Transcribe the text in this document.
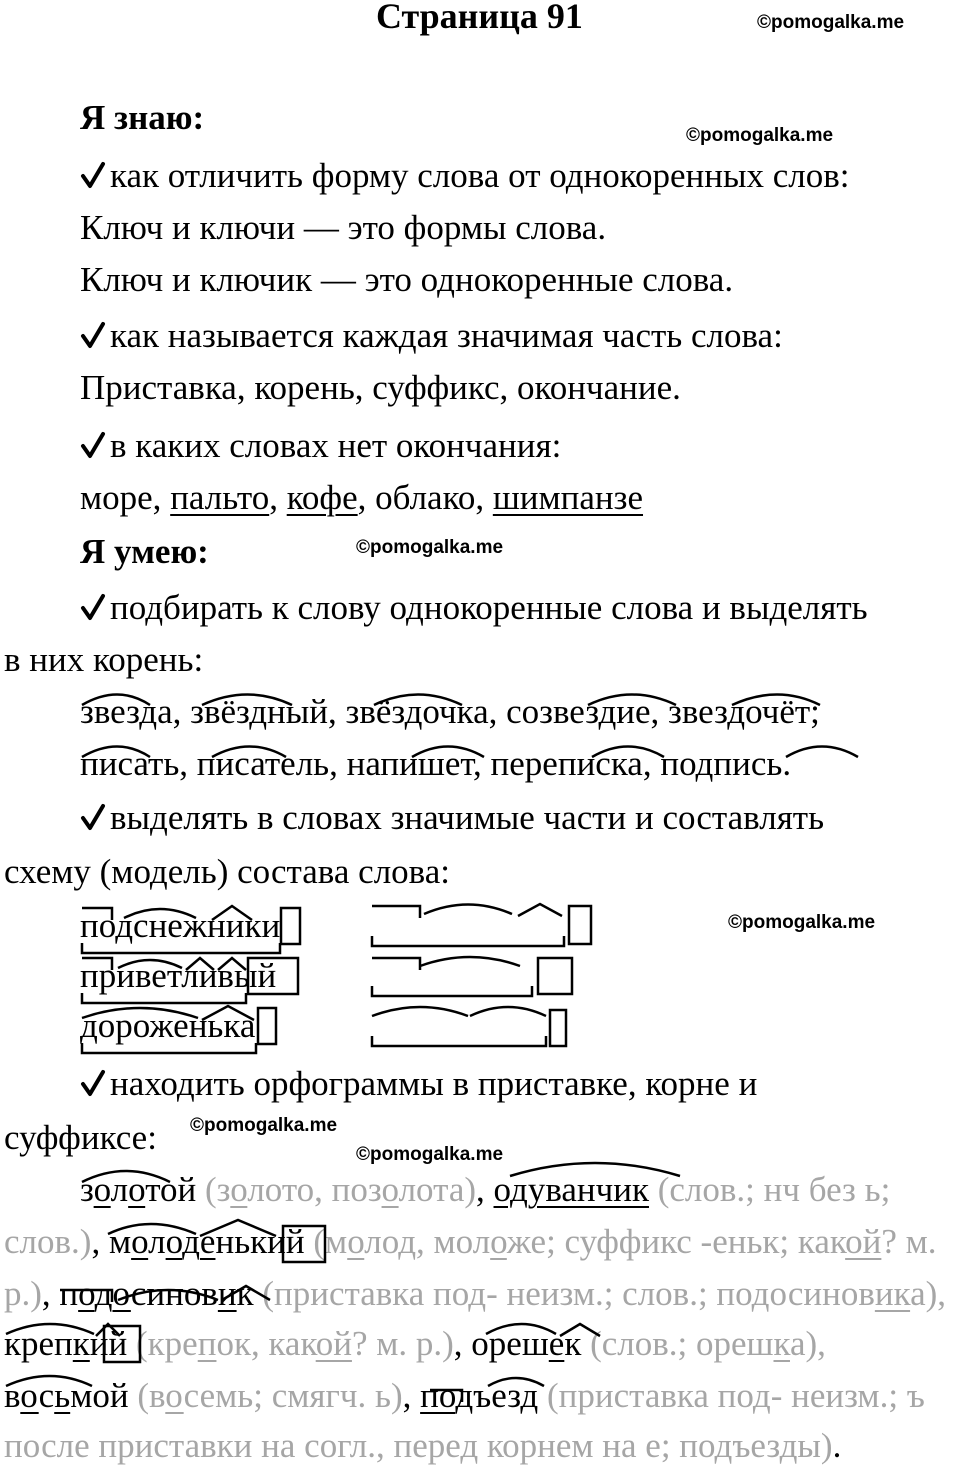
Страница 91	©pomogalka.me
©pomogalka.me
©pomogalka.me
©pomogalka.me
©pomogalka.me
©pomogalka.me
Я знаю:
как отличить форму слова от однокоренных слов:
Ключ и ключи — это формы слова.
Ключ и ключик — это однокоренные слова.
как называется каждая значимая часть слова:
Приставка, корень, суффикс, окончание.
в каких словах нет окончания:
море, пальто, кофе, облако, шимпанзе
Я умею:
подбирать к слову однокоренные слова и выделять
в них корень:
звезда, звёздный, звёздочка, созвездие, звездочёт;
писать, писатель, напишет, переписка, подпись.
выделять в словах значимые части и составлять
схему (модель) состава слова:
подснежники
приветливый
дороженька
находить орфограммы в приставке, корне и
суффиксе:
золотой (золото, позолота), одуванчик (слов.; нч без ь;
слов.), молоденький (молод, моложе; суффикс -еньк; какой? м.
р.), подосиновик (приставка под- неизм.; слов.; подосиновика),
крепкий (крепок, какой? м. р.), орешек (слов.; орешка),
восьмой (восемь; смягч. ь), подъезд (приставка под- неизм.; ъ
после приставки на согл., перед корнем на е; подъезды).
